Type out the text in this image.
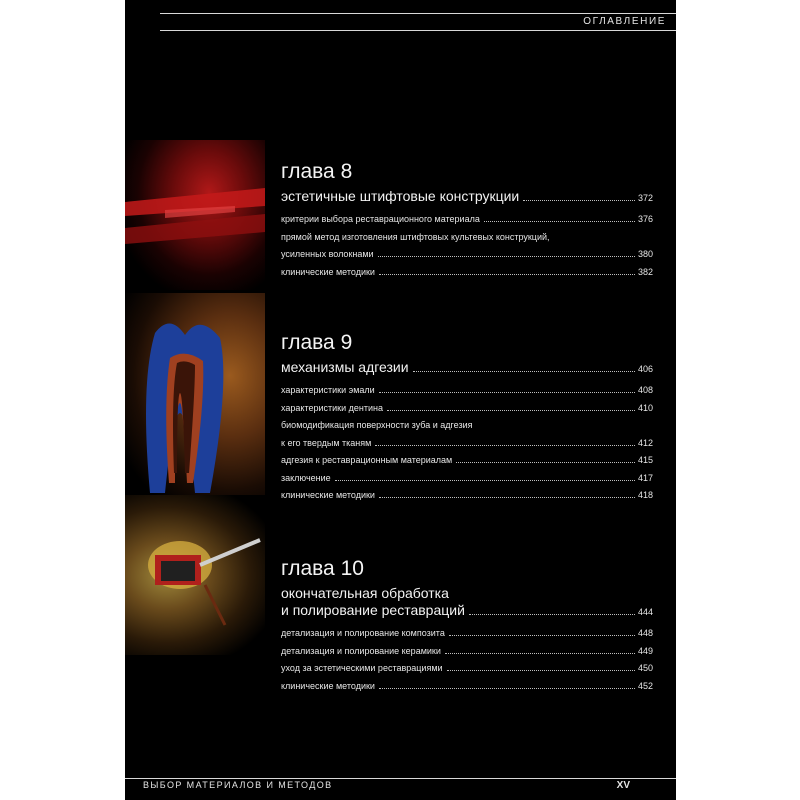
ОГЛАВЛЕНИЕ
глава 8
эстетичные штифтовые конструкции	372
критерии выбора реставрационного материала	376
прямой метод изготовления штифтовых культевых конструкций,
усиленных волокнами	380
клинические методики	382
глава 9
механизмы адгезии	406
характеристики эмали	408
характеристики дентина	410
биомодификация поверхности зуба и адгезия
к его твердым тканям	412
адгезия к реставрационным материалам	415
заключение	417
клинические методики	418
глава 10
окончательная обработка
и полирование реставраций	444
детализация и полирование композита	448
детализация и полирование керамики	449
уход за эстетическими реставрациями	450
клинические методики	452
ВЫБОР МАТЕРИАЛОВ И МЕТОДОВ	XV
